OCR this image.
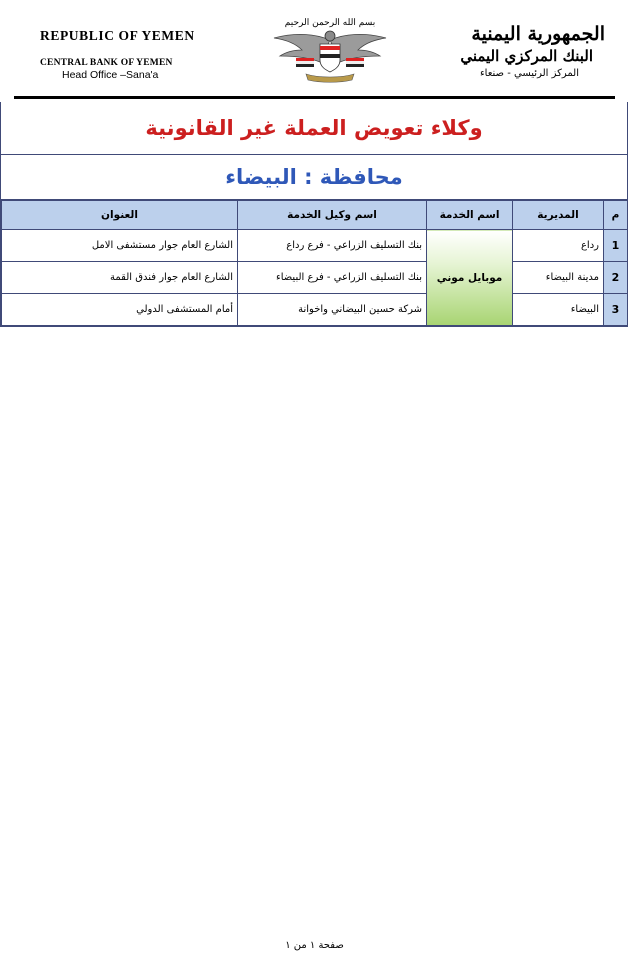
REPUBLIC OF YEMEN
CENTRAL BANK OF YEMEN
Head Office –Sana'a
بسم الله الرحمن الرحيم	الجمهورية اليمنية
البنك المركزي اليمني
المركز الرئيسي - صنعاء
وكلاء تعويض العملة غير القانونية
محافظة : البيضاء
م	المديرية	اسم الخدمة	اسم وكيل الخدمة	العنوان
1	رداع	موبايل موني	بنك التسليف الزراعي - فرع رداع	الشارع العام جوار مستشفى الامل
2	مدينة البيضاء		بنك التسليف الزراعي - فرع البيضاء	الشارع العام جوار فندق القمة
3	البيضاء		شركة حسين البيضاني واخوانة	أمام المستشفى الدولي
صفحة ١ من ١
